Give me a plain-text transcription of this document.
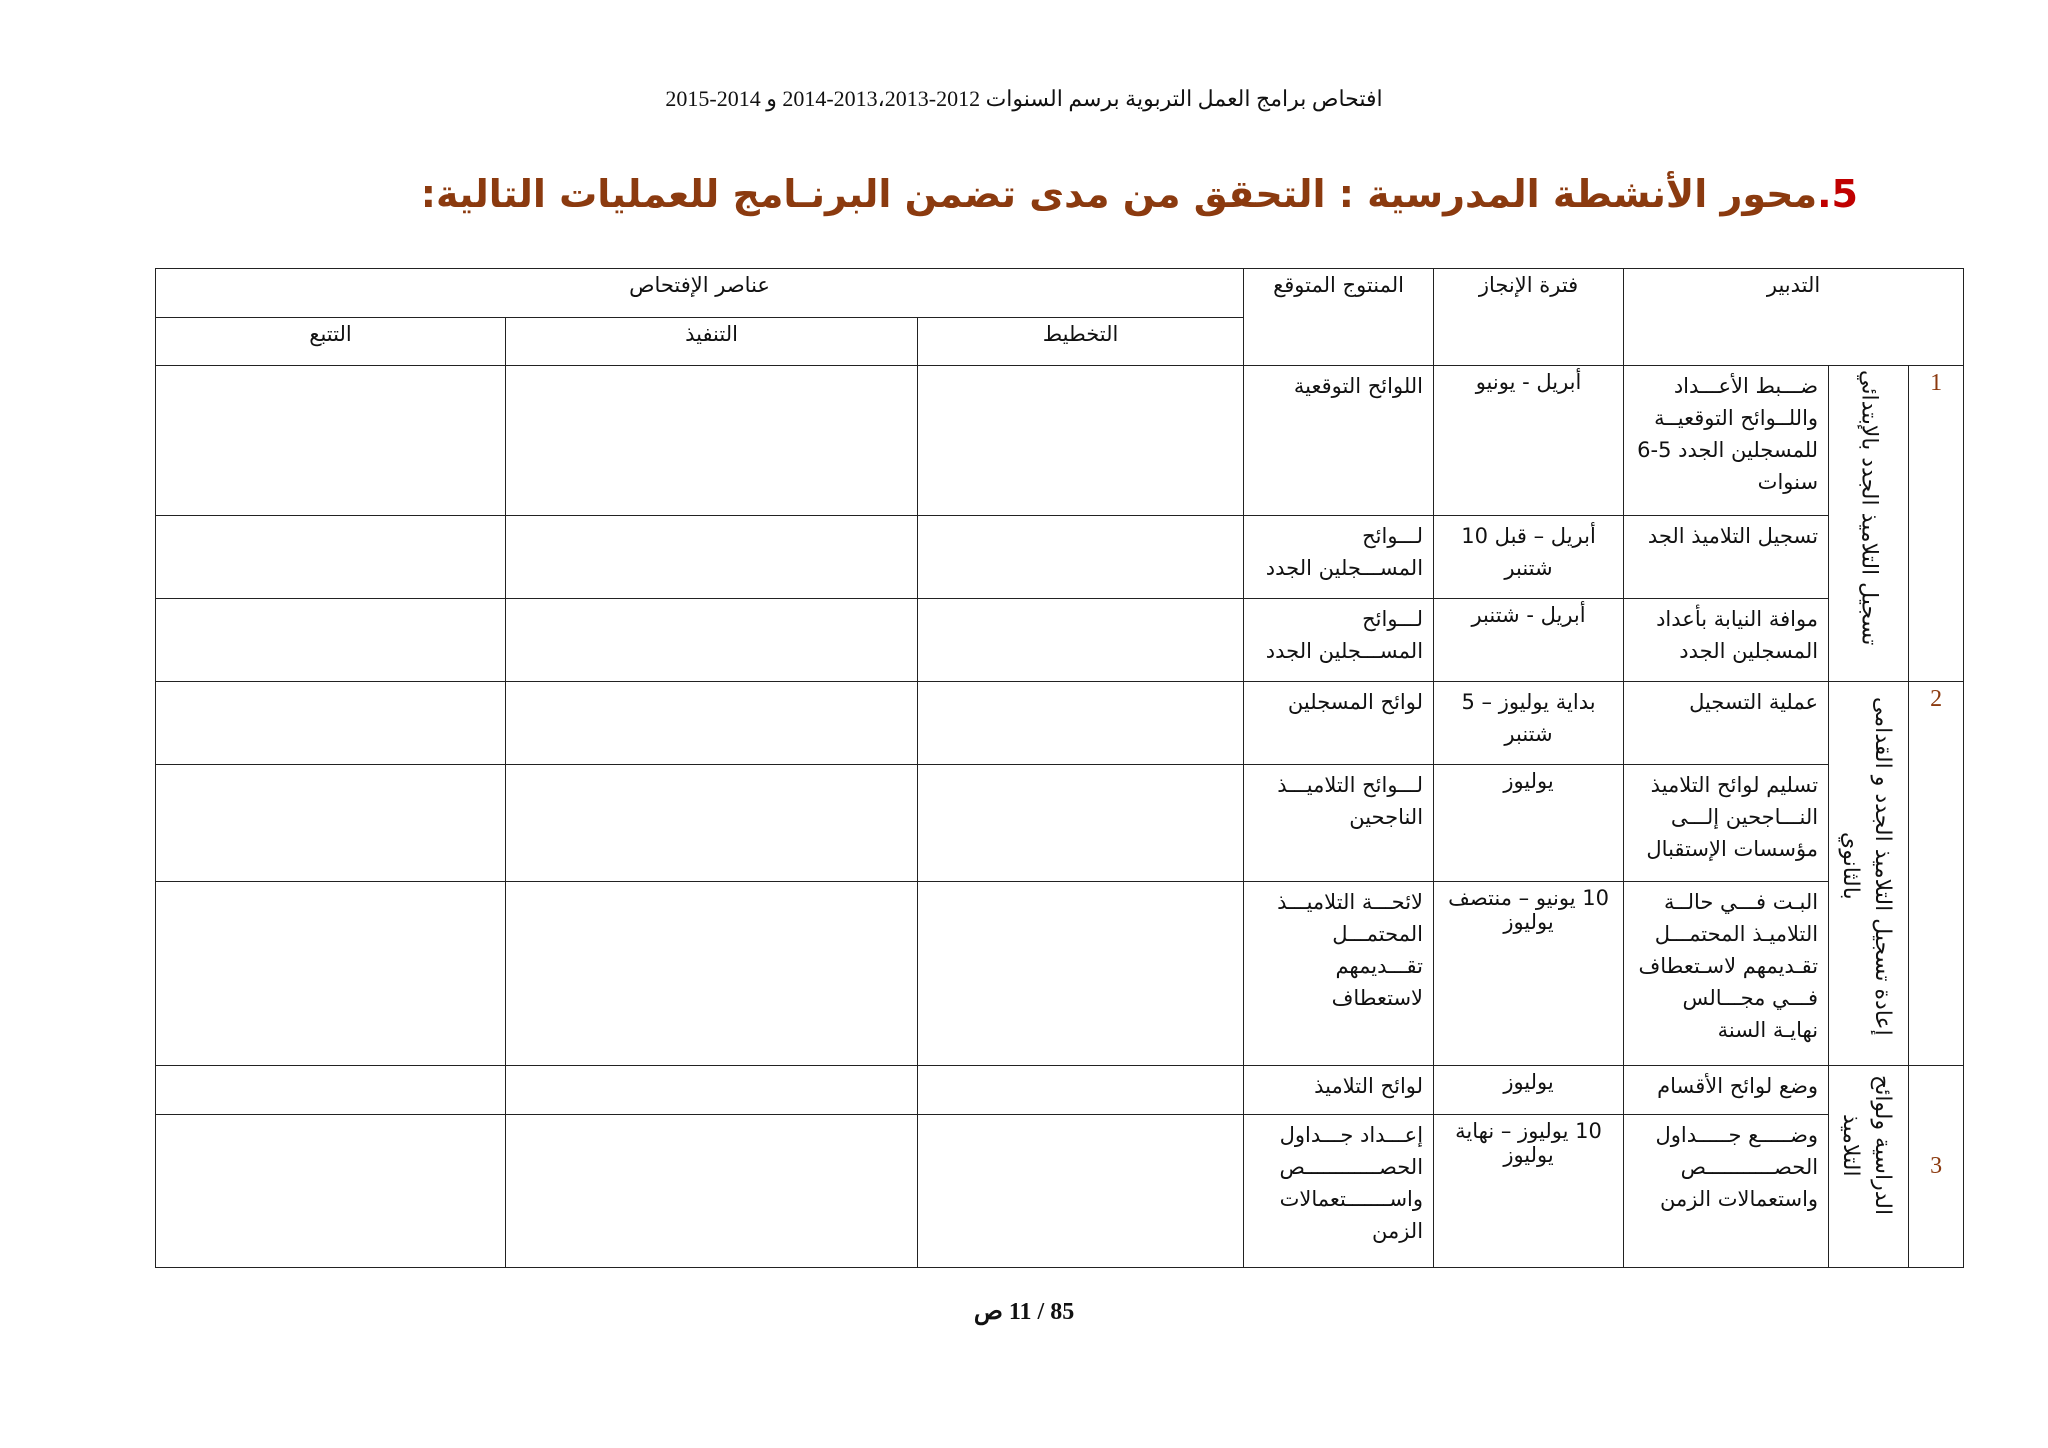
افتحاص برامج العمل التربوية برسم السنوات 2012-2013،2013-2014 و 2014-2015
5.محور الأنشطة المدرسية : التحقق من مدى تضمن البرنـامج للعمليات التالية:
التدبير			فترة الإنجاز	المنتوج المتوقع	عناصر الإفتحاص		
					التخطيط	التنفيذ	التتبع
1	تسجيل التلاميذ الجدد بالإبتدائي	ضـــبط الأعـــداد واللــوائح التوقعيــة للمسجلين الجدد 5-6 سنوات	أبريل - يونيو	اللوائح التوقعية			
		تسجيل التلاميذ الجد	أبريل – قبل 10 شتنبر	لـــوائح المســـجلين الجدد			
		موافة النيابة بأعداد المسجلين الجدد	أبريل - شتنبر	لـــوائح المســـجلين الجدد			
2	إعادة تسجيل التلاميذ الجدد و القدامى بالثانوي	عملية التسجيل	بداية يوليوز – 5 شتنبر	لوائح المسجلين			
		تسليم لوائح التلاميذ النـــاجحين إلـــى مؤسسات الإستقبال	يوليوز	لـــوائح التلاميـــذ الناجحين			
		البـت فـــي حالــة التلاميـذ المحتمـــل تقـديمهم لاسـتعطاف فـــي مجـــالس نهايـة السنة	10 يونيو – منتصف يوليوز	لائحـــة التلاميـــذ المحتمـــل تقـــديمهم لاستعطاف			
3	الدراسية ولوائح التلاميذ	وضع لوائح الأقسام	يوليوز	لوائح التلاميذ			
		وضـــــع جـــــداول الحصـــــــــــص واستعمالات الزمن	10 يوليوز – نهاية يوليوز	إعـــداد جـــداول الحصــــــــــــص واســـــــتعمالات الزمن			
85 / 11 ص
